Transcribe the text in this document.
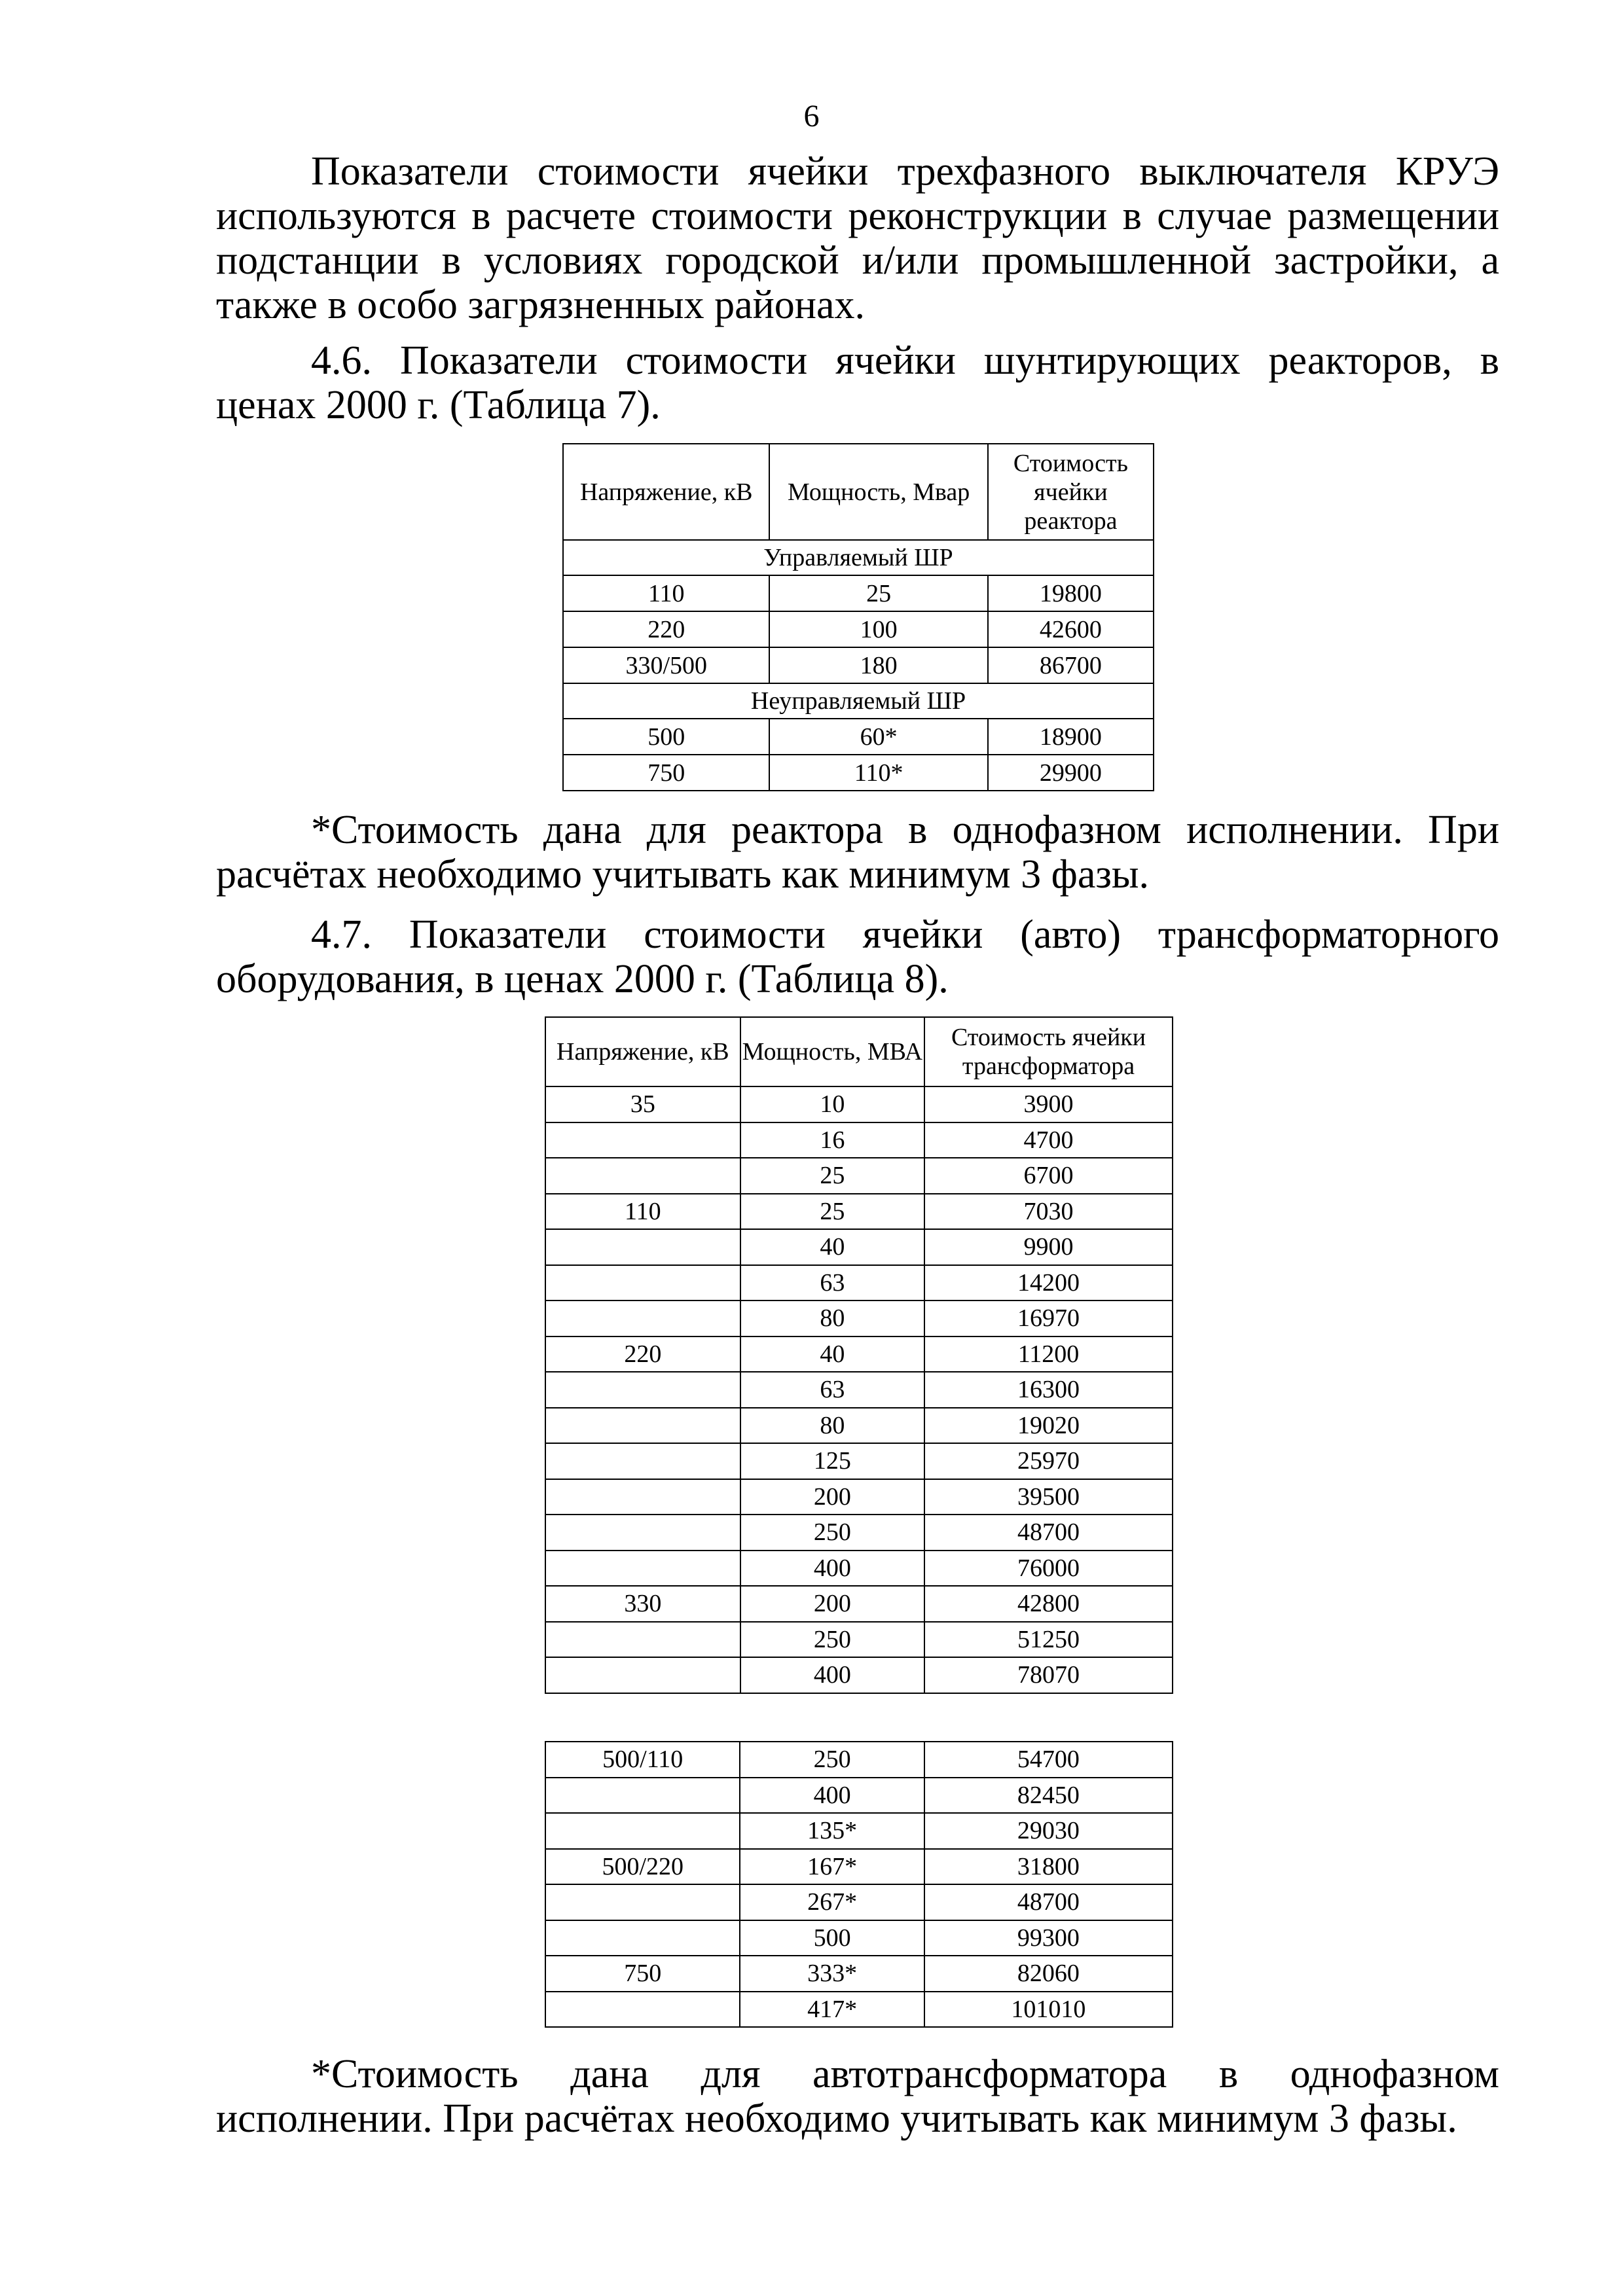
6

Показатели стоимости ячейки трехфазного выключателя КРУЭ используются в расчете стоимости реконструкции в случае размещении подстанции в условиях городской и/или промышленной застройки, а также в особо загрязненных районах.

4.6. Показатели стоимости ячейки шунтирующих реакторов, в ценах 2000 г. (Таблица 7).

Напряжение, кВ	Мощность, Мвар	Стоимость ячейки реактора
Управляемый ШР		
110	25	19800
220	100	42600
330/500	180	86700
Неуправляемый ШР		
500	60*	18900
750	110*	29900

*Стоимость дана для реактора в однофазном исполнении. При расчётах необходимо учитывать как минимум 3 фазы.

4.7. Показатели стоимости ячейки (авто) трансформаторного оборудования, в ценах 2000 г. (Таблица 8).

Напряжение, кВ	Мощность, МВА	Стоимость ячейки трансформатора
35	10	3900
	16	4700
	25	6700
110	25	7030
	40	9900
	63	14200
	80	16970
220	40	11200
	63	16300
	80	19020
	125	25970
	200	39500
	250	48700
	400	76000
330	200	42800
	250	51250
	400	78070
500/110	250	54700
	400	82450
	135*	29030
500/220	167*	31800
	267*	48700
	500	99300
750	333*	82060
	417*	101010

*Стоимость дана для автотрансформатора в однофазном исполнении. При расчётах необходимо учитывать как минимум 3 фазы.
